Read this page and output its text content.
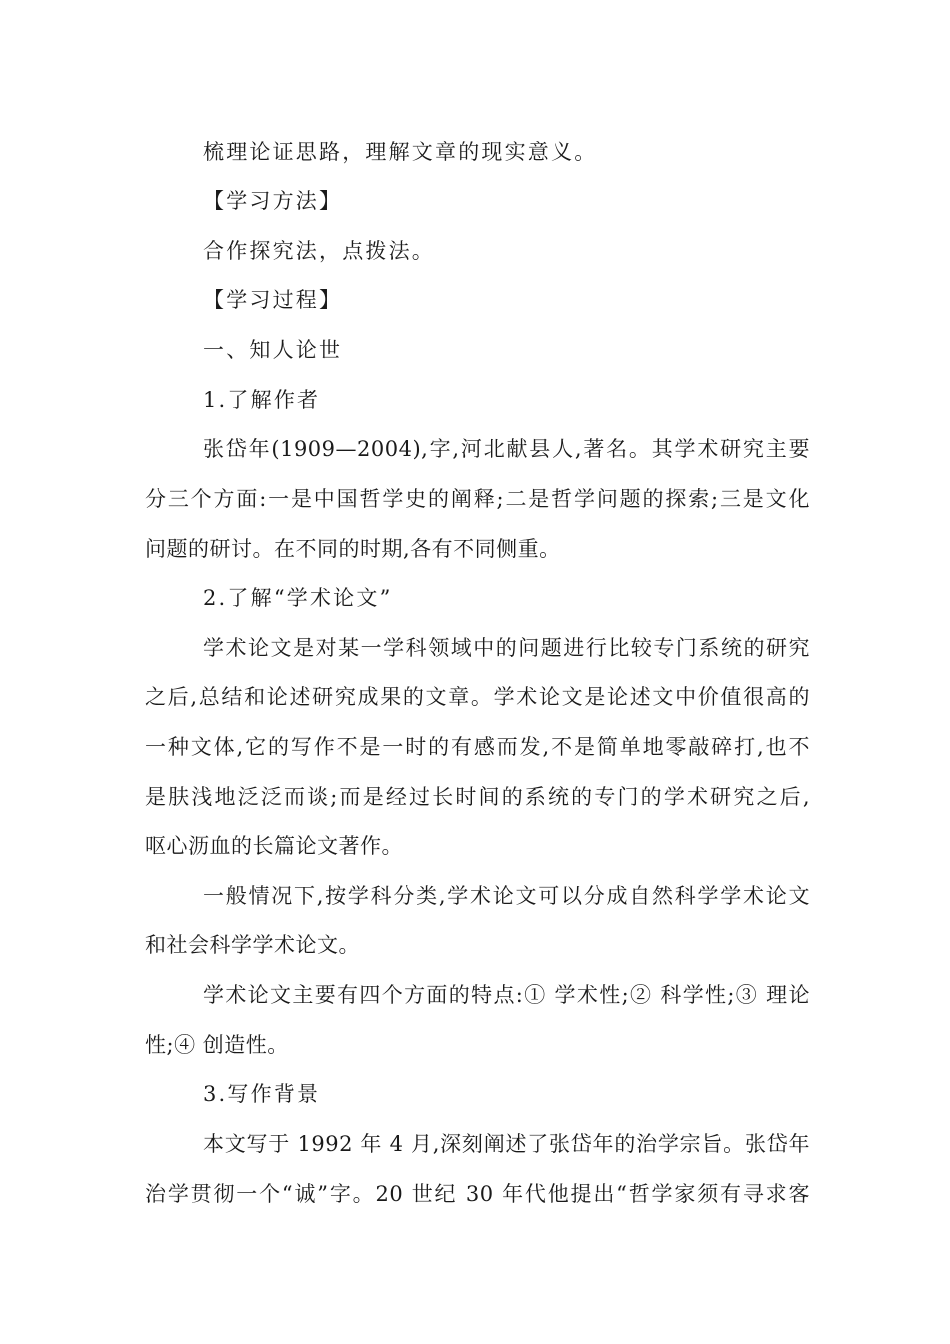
梳理论证思路，理解文章的现实意义。
【学习方法】
合作探究法，点拨法。
【学习过程】
一、知人论世
1.了解作者
张岱年(1909—2004),字,河北献县人,著名。其学术研究主要
分三个方面:一是中国哲学史的阐释;二是哲学问题的探索;三是文化
问题的研讨。在不同的时期,各有不同侧重。
2.了解“学术论文”
学术论文是对某一学科领域中的问题进行比较专门系统的研究
之后,总结和论述研究成果的文章。学术论文是论述文中价值很高的
一种文体,它的写作不是一时的有感而发,不是简单地零敲碎打,也不
是肤浅地泛泛而谈;而是经过长时间的系统的专门的学术研究之后,
呕心沥血的长篇论文著作。
一般情况下,按学科分类,学术论文可以分成自然科学学术论文
和社会科学学术论文。
学术论文主要有四个方面的特点:① 学术性;② 科学性;③ 理论
性;④ 创造性。
3.写作背景
本文写于 1992 年 4 月,深刻阐述了张岱年的治学宗旨。张岱年
治学贯彻一个“诚”字。20 世纪 30 年代他提出“哲学家须有寻求客
